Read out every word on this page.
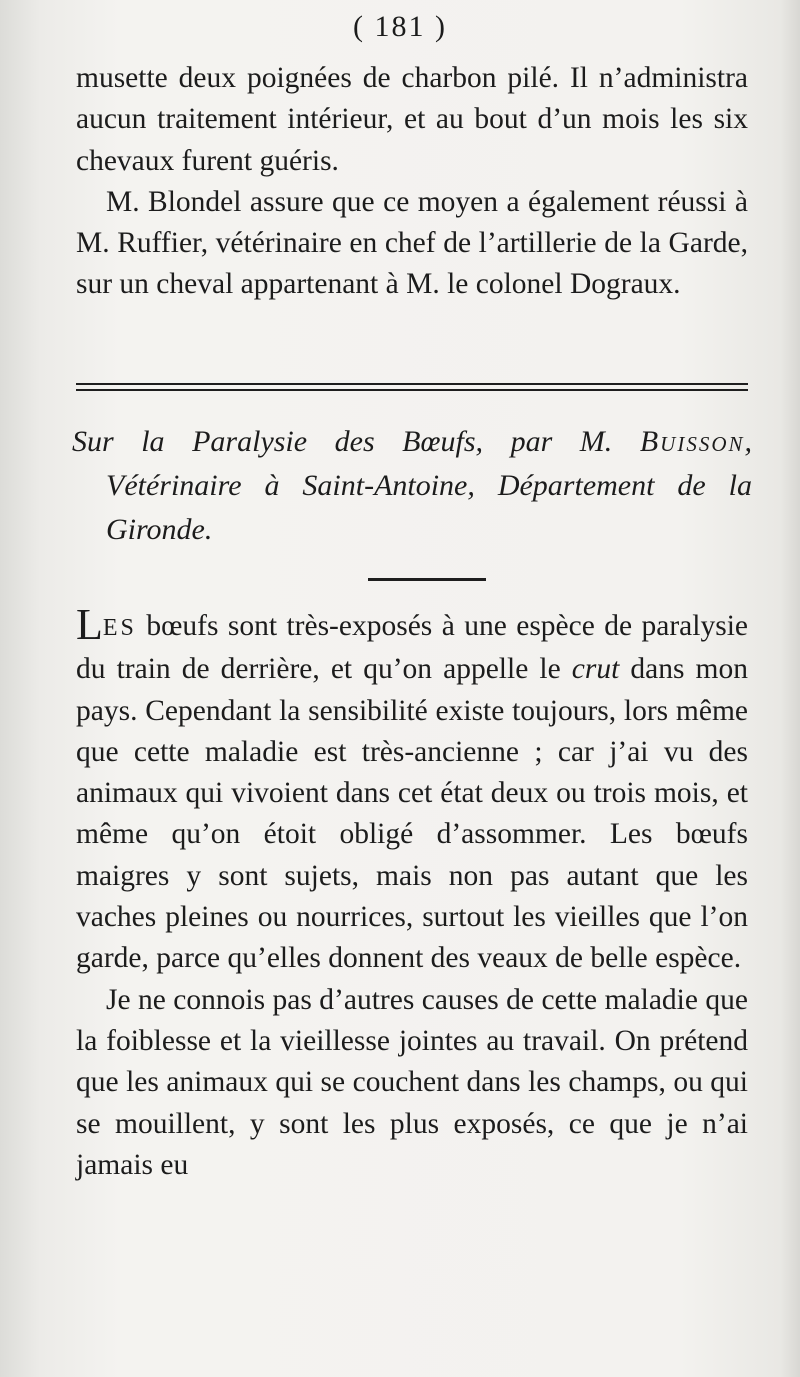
( 181 )

musette deux poignées de charbon pilé. Il n’administra aucun traitement intérieur, et au bout d’un mois les six chevaux furent guéris.

M. Blondel assure que ce moyen a également réussi à M. Ruffier, vétérinaire en chef de l’artillerie de la Garde, sur un cheval appartenant à M. le colonel Dograux.

Sur la Paralysie des Bœufs, par M. Buisson, Vétérinaire à Saint-Antoine, Département de la Gironde.

LES bœufs sont très-exposés à une espèce de paralysie du train de derrière, et qu’on appelle le crut dans mon pays. Cependant la sensibilité existe toujours, lors même que cette maladie est très-ancienne ; car j’ai vu des animaux qui vivoient dans cet état deux ou trois mois, et même qu’on étoit obligé d’assommer. Les bœufs maigres y sont sujets, mais non pas autant que les vaches pleines ou nourrices, surtout les vieilles que l’on garde, parce qu’elles donnent des veaux de belle espèce.

Je ne connois pas d’autres causes de cette maladie que la foiblesse et la vieillesse jointes au travail. On prétend que les animaux qui se couchent dans les champs, ou qui se mouillent, y sont les plus exposés, ce que je n’ai jamais eu
